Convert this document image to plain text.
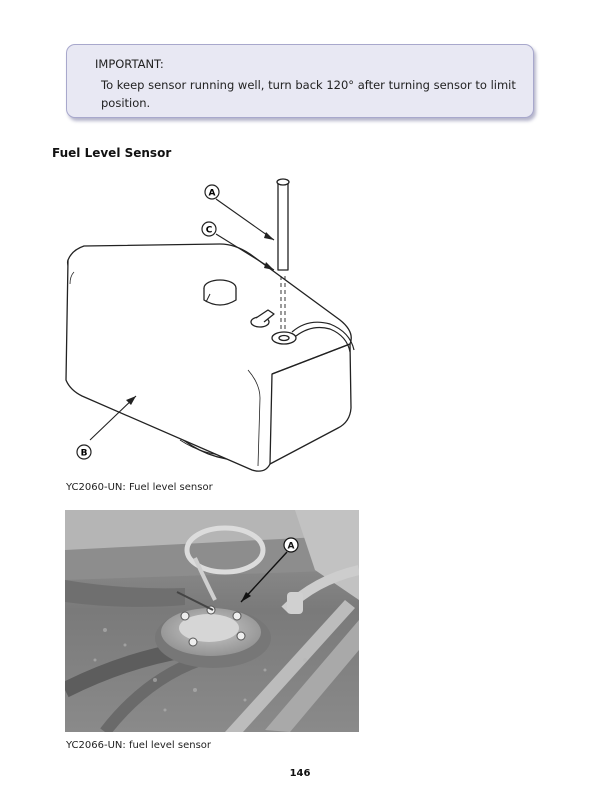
IMPORTANT:
To keep sensor running well, turn back 120° after turning sensor to limit position.
Fuel Level Sensor
A
C
B
YC2060-UN: Fuel level sensor
A
YC2066-UN: fuel level sensor
146
